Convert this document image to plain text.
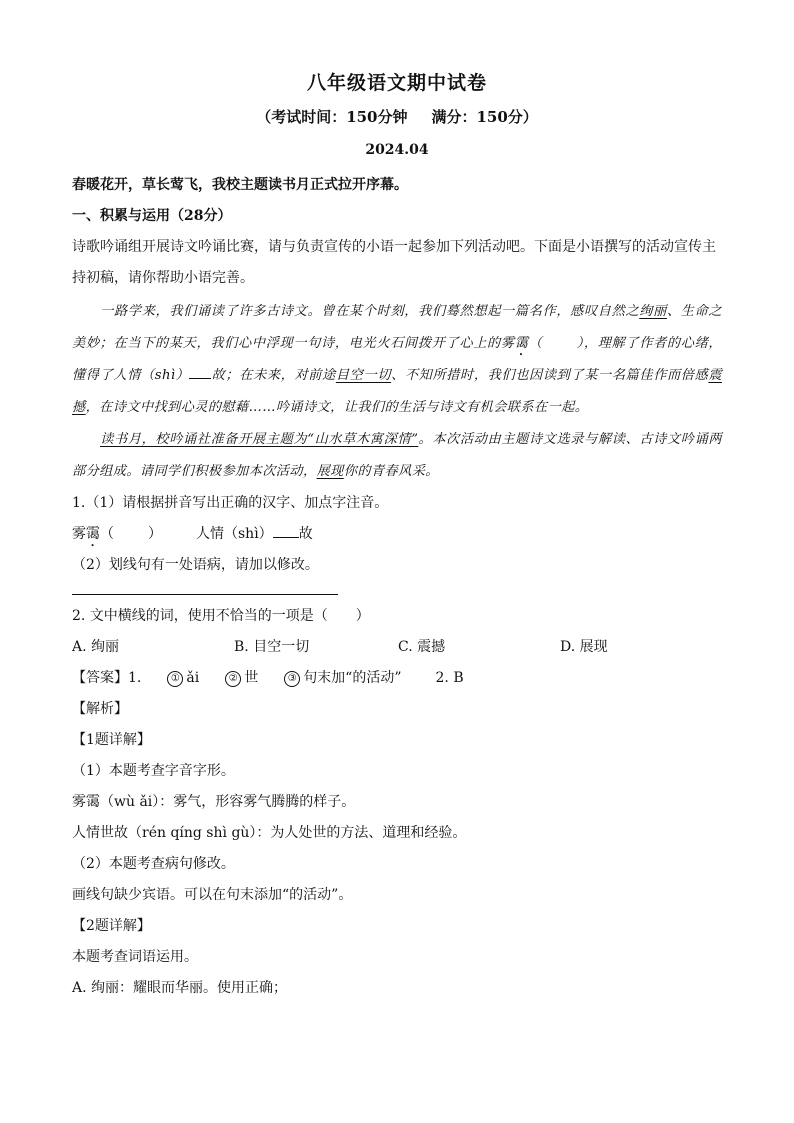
八年级语文期中试卷
（考试时间：150分钟 满分：150分）
2024.04
春暖花开，草长莺飞，我校主题读书月正式拉开序幕。
一、积累与运用（28分）
诗歌吟诵组开展诗文吟诵比赛，请与负责宣传的小语一起参加下列活动吧。下面是小语撰写的活动宣传主
持初稿，请你帮助小语完善。
一路学来，我们诵读了许多古诗文。曾在某个时刻，我们蓦然想起一篇名作，感叹自然之绚丽、生命之美妙；在当下的某天，我们心中浮现一句诗，电光火石间拨开了心上的雾霭（	），理解了作者的心绪，懂得了人情（shì） 故；在未来，对前途目空一切、不知所措时，我们也因读到了某一名篇佳作而倍感震撼，在诗文中找到心灵的慰藉……吟诵诗文，让我们的生活与诗文有机会联系在一起。
读书月，校吟诵社准备开展主题为“山水草木寓深情”。本次活动由主题诗文选录与解读、古诗文吟诵两部分组成。请同学们积极参加本次活动，展现你的青春风采。
1.（1）请根据拼音写出正确的汉字、加点字注音。
雾霭（ ） 人情（shì） 故
（2）划线句有一处语病，请加以修改。
2. 文中横线的词，使用不恰当的一项是（　　）
A. 绚丽	B. 目空一切	C. 震撼	D. 展现
【答案】1.	① ǎi	② 世	③ 句末加“的活动” 2. B
【解析】
【1题详解】
（1）本题考查字音字形。
雾霭（wù ǎi）：雾气，形容雾气腾腾的样子。
人情世故（rén qíng shì gù）：为人处世的方法、道理和经验。
（2）本题考查病句修改。
画线句缺少宾语。可以在句末添加“的活动”。
【2题详解】
本题考查词语运用。
A. 绚丽：耀眼而华丽。使用正确；
